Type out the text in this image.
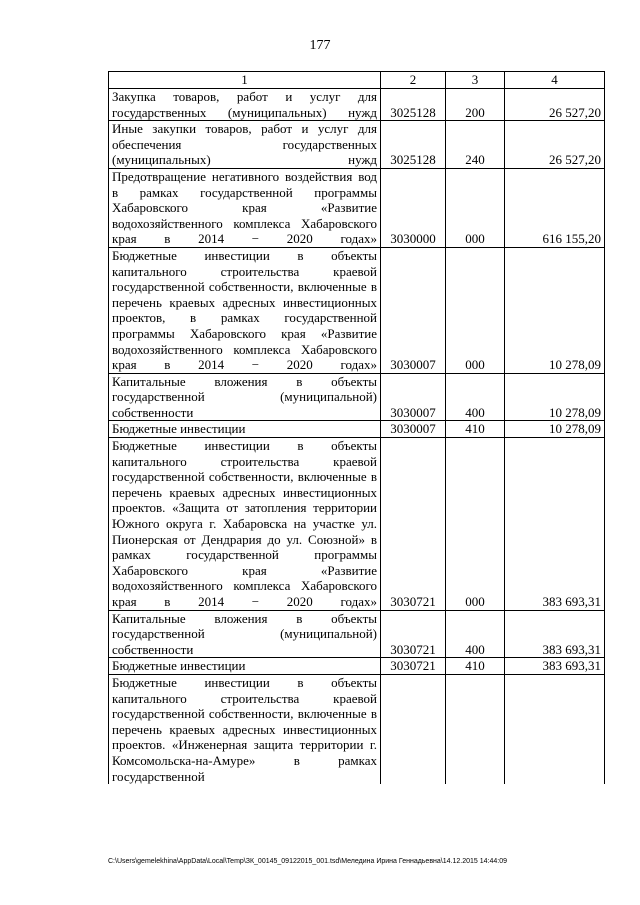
177
1	2	3	4
Закупка товаров, работ и услуг для государственных (муниципальных) нужд	3025128	200	26 527,20
Иные закупки товаров, работ и услуг для обеспечения государственных (муниципальных) нужд	3025128	240	26 527,20
Предотвращение негативного воздействия вод в рамках государственной программы Хабаровского края «Развитие водохозяйственного комплекса Хабаровского края в 2014 − 2020 годах»	3030000	000	616 155,20
Бюджетные инвестиции в объекты капитального строительства краевой государственной собственности, включенные в перечень краевых адресных инвестиционных проектов, в рамках государственной программы Хабаровского края «Развитие водохозяйственного комплекса Хабаровского края в 2014 − 2020 годах»	3030007	000	10 278,09
Капитальные вложения в объекты государственной (муниципальной) собственности	3030007	400	10 278,09
Бюджетные инвестиции	3030007	410	10 278,09
Бюджетные инвестиции в объекты капитального строительства краевой государственной собственности, включенные в перечень краевых адресных инвестиционных проектов. «Защита от затопления территории Южного округа г. Хабаровска на участке ул. Пионерская от Дендрария до ул. Союзной» в рамках государственной программы Хабаровского края «Развитие водохозяйственного комплекса Хабаровского края в 2014 − 2020 годах»	3030721	000	383 693,31
Капитальные вложения в объекты государственной (муниципальной) собственности	3030721	400	383 693,31
Бюджетные инвестиции	3030721	410	383 693,31
Бюджетные инвестиции в объекты капитального строительства краевой государственной собственности, включенные в перечень краевых адресных инвестиционных проектов. «Инженерная защита территории г. Комсомольска-на-Амуре» в рамках государственной			
C:\Users\gemelekhina\AppData\Local\Temp\ЗК_00145_09122015_001.tsd\Меледина Ирина Геннадьевна\14.12.2015 14:44:09
